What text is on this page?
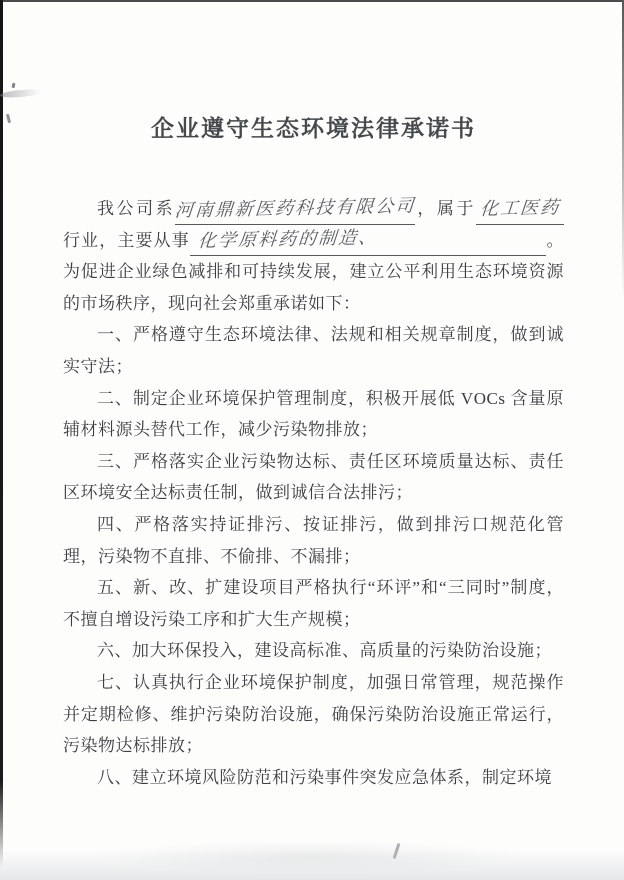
企业遵守生态环境法律承诺书

我公司系河南鼎新医药科技有限公司，属于 化工医药 行业，主要从事 化学原料药的制造、	。为促进企业绿色减排和可持续发展，建立公平利用生态环境资源的市场秩序，现向社会郑重承诺如下：

一、严格遵守生态环境法律、法规和相关规章制度，做到诚实守法；

二、制定企业环境保护管理制度，积极开展低 VOCs 含量原辅材料源头替代工作，减少污染物排放；

三、严格落实企业污染物达标、责任区环境质量达标、责任区环境安全达标责任制，做到诚信合法排污；

四、严格落实持证排污、按证排污，做到排污口规范化管理，污染物不直排、不偷排、不漏排；

五、新、改、扩建设项目严格执行“环评”和“三同时”制度，不擅自增设污染工序和扩大生产规模；

六、加大环保投入，建设高标准、高质量的污染防治设施；

七、认真执行企业环境保护制度，加强日常管理，规范操作并定期检修、维护污染防治设施，确保污染防治设施正常运行，污染物达标排放；

八、建立环境风险防范和污染事件突发应急体系，制定环境
